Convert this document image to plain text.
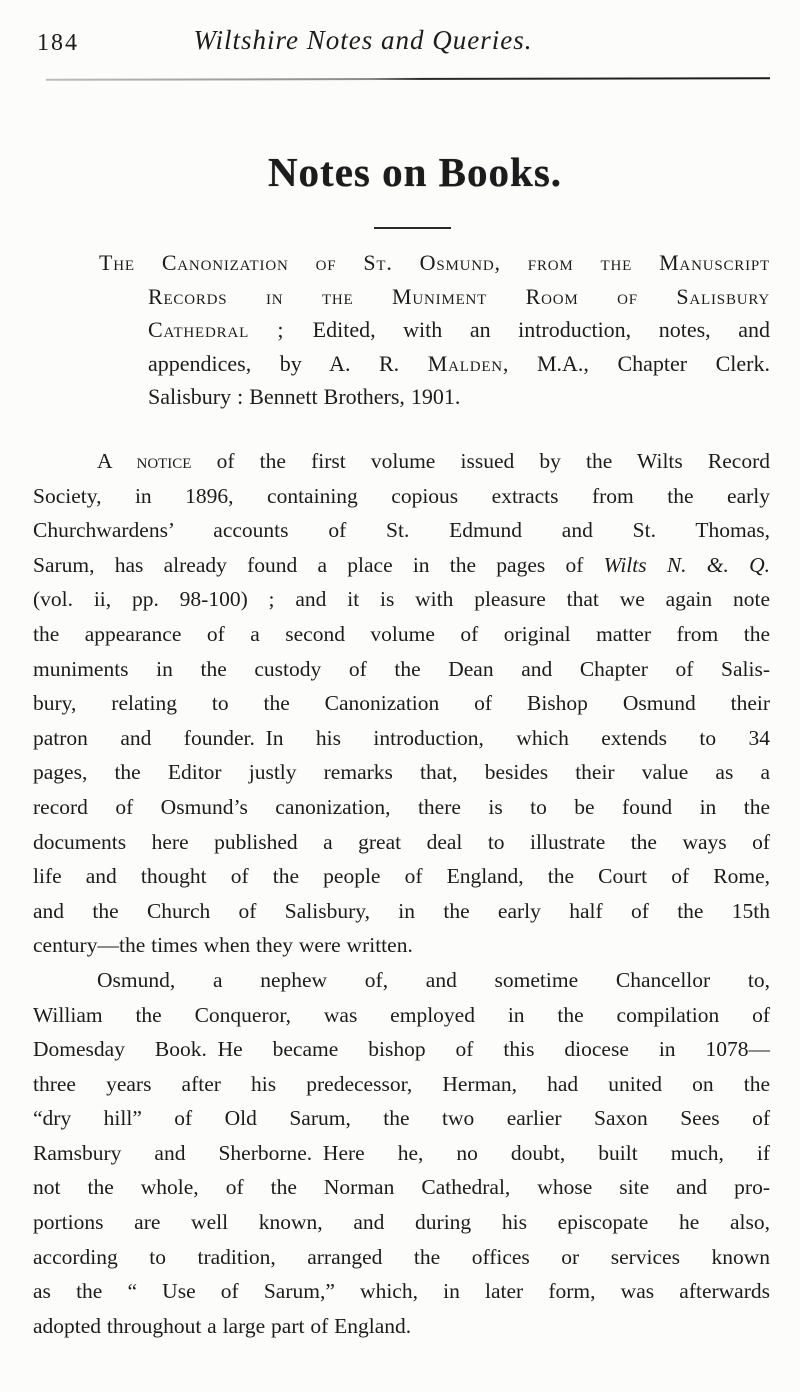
184	Wiltshire Notes and Queries.
Notes on Books.
The Canonization of St. Osmund, from the Manuscript
Records in the Muniment Room of Salisbury
Cathedral ; Edited, with an introduction, notes, and
appendices, by A. R. Malden, M.A., Chapter Clerk.
Salisbury : Bennett Brothers, 1901.
A notice of the first volume issued by the Wilts Record
Society, in 1896, containing copious extracts from the early
Churchwardens’ accounts of St. Edmund and St. Thomas,
Sarum, has already found a place in the pages of Wilts N. &. Q.
(vol. ii, pp. 98-100) ; and it is with pleasure that we again note
the appearance of a second volume of original matter from the
muniments in the custody of the Dean and Chapter of Salis-
bury, relating to the Canonization of Bishop Osmund their
patron and founder. In his introduction, which extends to 34
pages, the Editor justly remarks that, besides their value as a
record of Osmund’s canonization, there is to be found in the
documents here published a great deal to illustrate the ways of
life and thought of the people of England, the Court of Rome,
and the Church of Salisbury, in the early half of the 15th
century—the times when they were written.
Osmund, a nephew of, and sometime Chancellor to,
William the Conqueror, was employed in the compilation of
Domesday Book. He became bishop of this diocese in 1078—
three years after his predecessor, Herman, had united on the
“dry hill” of Old Sarum, the two earlier Saxon Sees of
Ramsbury and Sherborne. Here he, no doubt, built much, if
not the whole, of the Norman Cathedral, whose site and pro-
portions are well known, and during his episcopate he also,
according to tradition, arranged the offices or services known
as the “ Use of Sarum,” which, in later form, was afterwards
adopted throughout a large part of England.
